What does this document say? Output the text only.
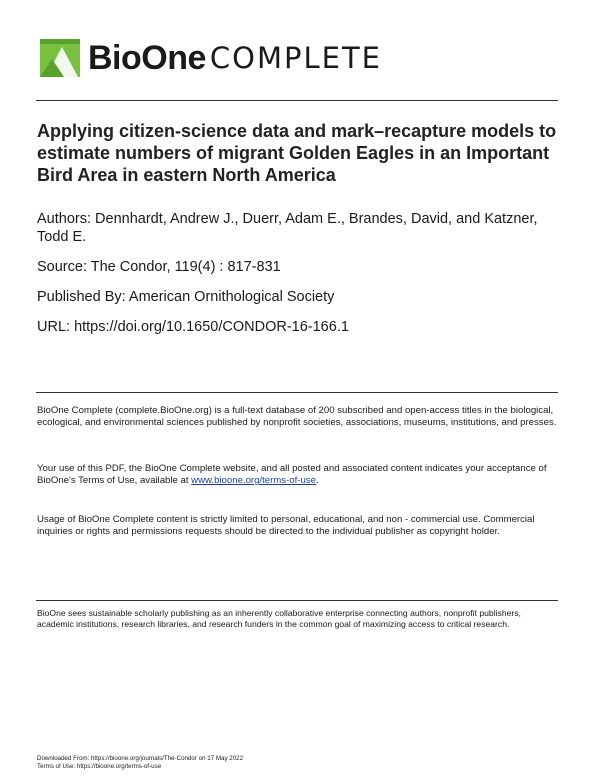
BioOne COMPLETE
Applying citizen-science data and mark–recapture models to estimate numbers of migrant Golden Eagles in an Important Bird Area in eastern North America
Authors: Dennhardt, Andrew J., Duerr, Adam E., Brandes, David, and Katzner, Todd E.
Source: The Condor, 119(4) : 817-831
Published By: American Ornithological Society
URL: https://doi.org/10.1650/CONDOR-16-166.1
BioOne Complete (complete.BioOne.org) is a full-text database of 200 subscribed and open-access titles in the biological, ecological, and environmental sciences published by nonprofit societies, associations, museums, institutions, and presses.
Your use of this PDF, the BioOne Complete website, and all posted and associated content indicates your acceptance of BioOne's Terms of Use, available at www.bioone.org/terms-of-use.
Usage of BioOne Complete content is strictly limited to personal, educational, and non - commercial use. Commercial inquiries or rights and permissions requests should be directed to the individual publisher as copyright holder.
BioOne sees sustainable scholarly publishing as an inherently collaborative enterprise connecting authors, nonprofit publishers, academic institutions, research libraries, and research funders in the common goal of maximizing access to critical research.
Downloaded From: https://bioone.org/journals/The-Condor on 17 May 2022
Terms of Use: https://bioone.org/terms-of-use
